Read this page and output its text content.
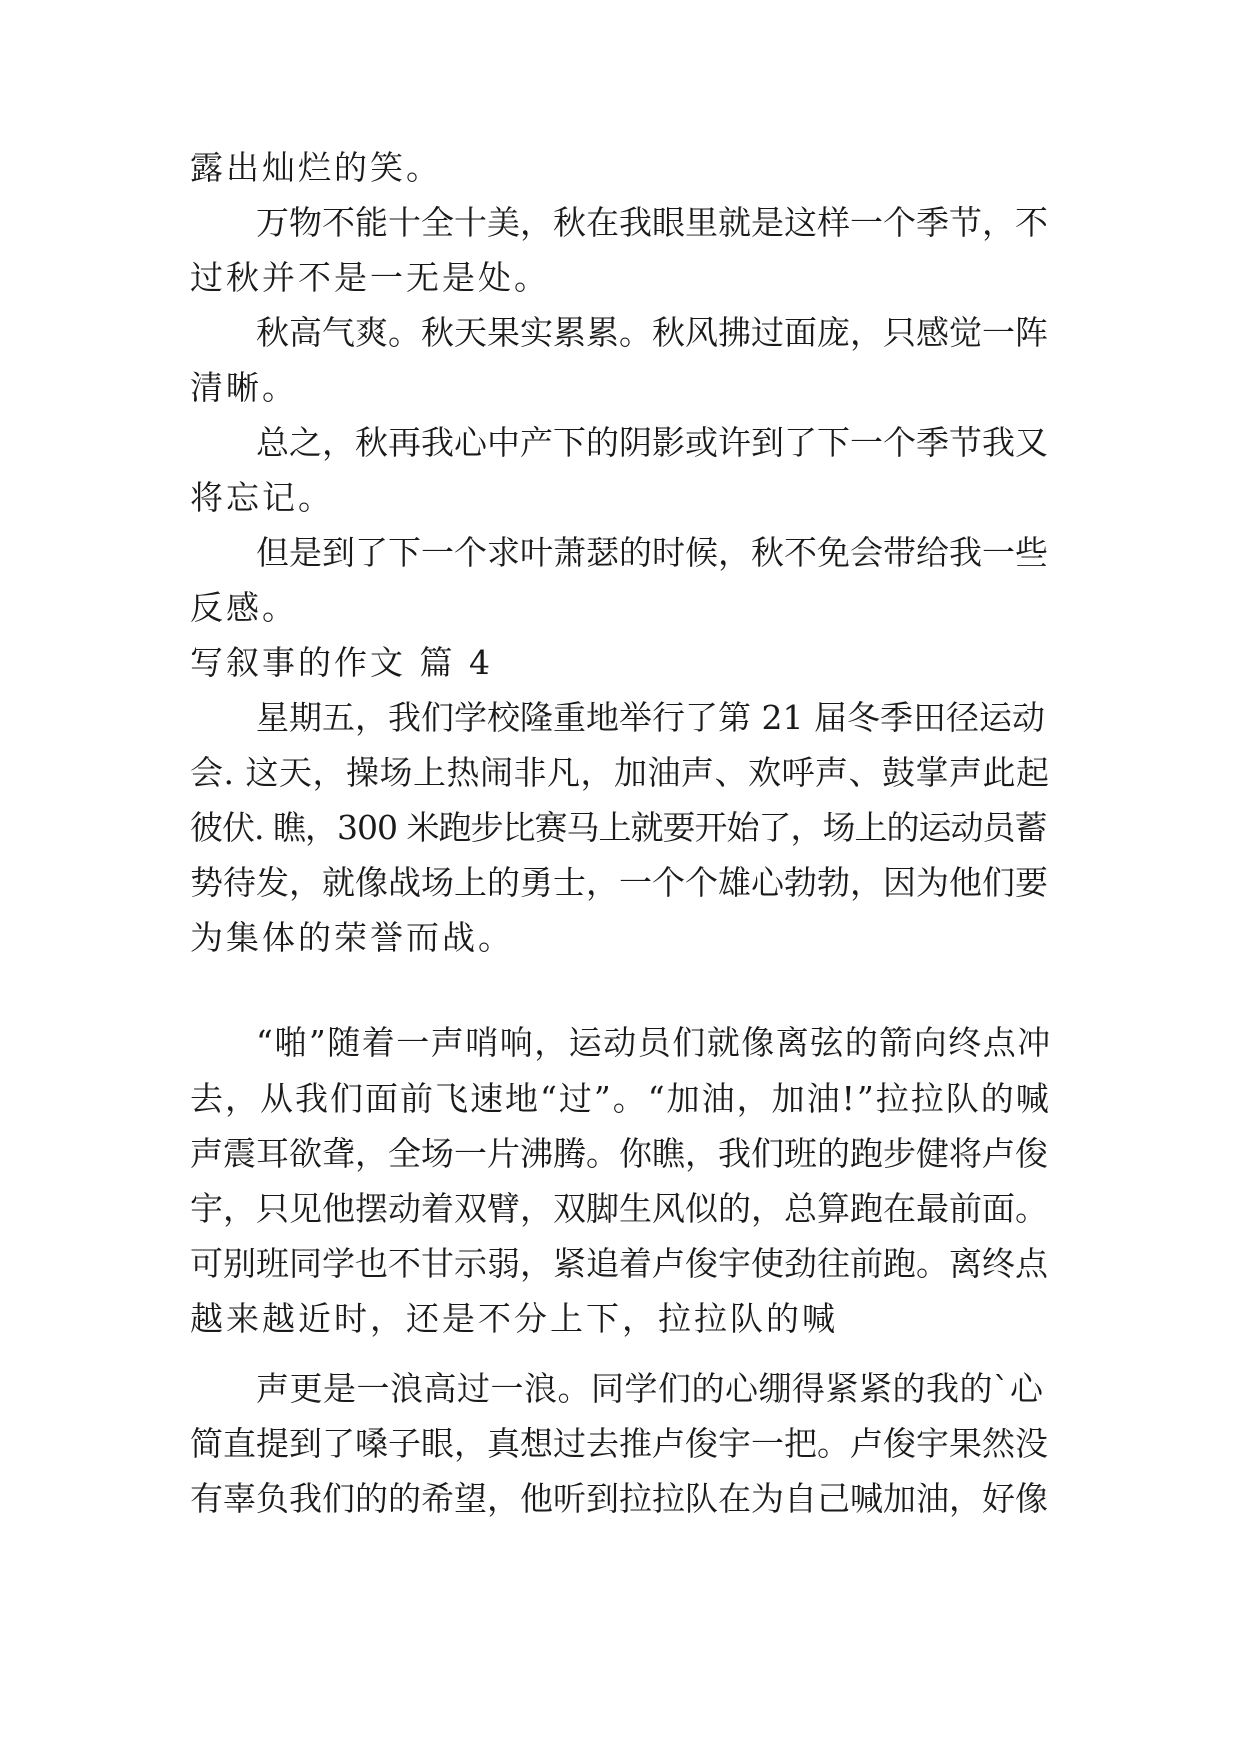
露出灿烂的笑。
万物不能十全十美，秋在我眼里就是这样一个季节，不
过秋并不是一无是处。
秋高气爽。秋天果实累累。秋风拂过面庞，只感觉一阵
清晰。
总之，秋再我心中产下的阴影或许到了下一个季节我又
将忘记。
但是到了下一个求叶萧瑟的时候，秋不免会带给我一些
反感。
写叙事的作文 篇 4
星期五，我们学校隆重地举行了第 21 届冬季田径运动
会. 这天，操场上热闹非凡，加油声、欢呼声、鼓掌声此起
彼伏. 瞧，300 米跑步比赛马上就要开始了，场上的运动员蓄
势待发，就像战场上的勇士，一个个雄心勃勃，因为他们要
为集体的荣誉而战。
“啪”随着一声哨响，运动员们就像离弦的箭向终点冲
去，从我们面前飞速地“过”。“加油，加油!”拉拉队的喊
声震耳欲聋，全场一片沸腾。你瞧，我们班的跑步健将卢俊
宇，只见他摆动着双臂，双脚生风似的，总算跑在最前面。
可别班同学也不甘示弱，紧追着卢俊宇使劲往前跑。离终点
越来越近时，还是不分上下，拉拉队的喊
声更是一浪高过一浪。同学们的心绷得紧紧的我的`心
简直提到了嗓子眼，真想过去推卢俊宇一把。卢俊宇果然没
有辜负我们的的希望，他听到拉拉队在为自己喊加油，好像
